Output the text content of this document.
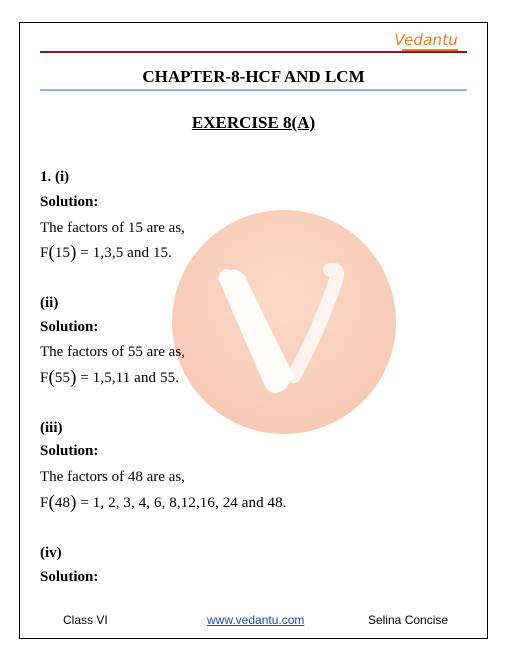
Vedantu
CHAPTER-8-HCF AND LCM
EXERCISE 8(A)
1. (i)
Solution:
The factors of 15 are as,
F(15) = 1,3,5 and 15.
(ii)
Solution:
The factors of 55 are as,
F(55) = 1,5,11 and 55.
(iii)
Solution:
The factors of 48 are as,
F(48) = 1, 2, 3, 4, 6, 8,12,16, 24 and 48.
(iv)
Solution:
Class VI	www.vedantu.com	Selina Concise
